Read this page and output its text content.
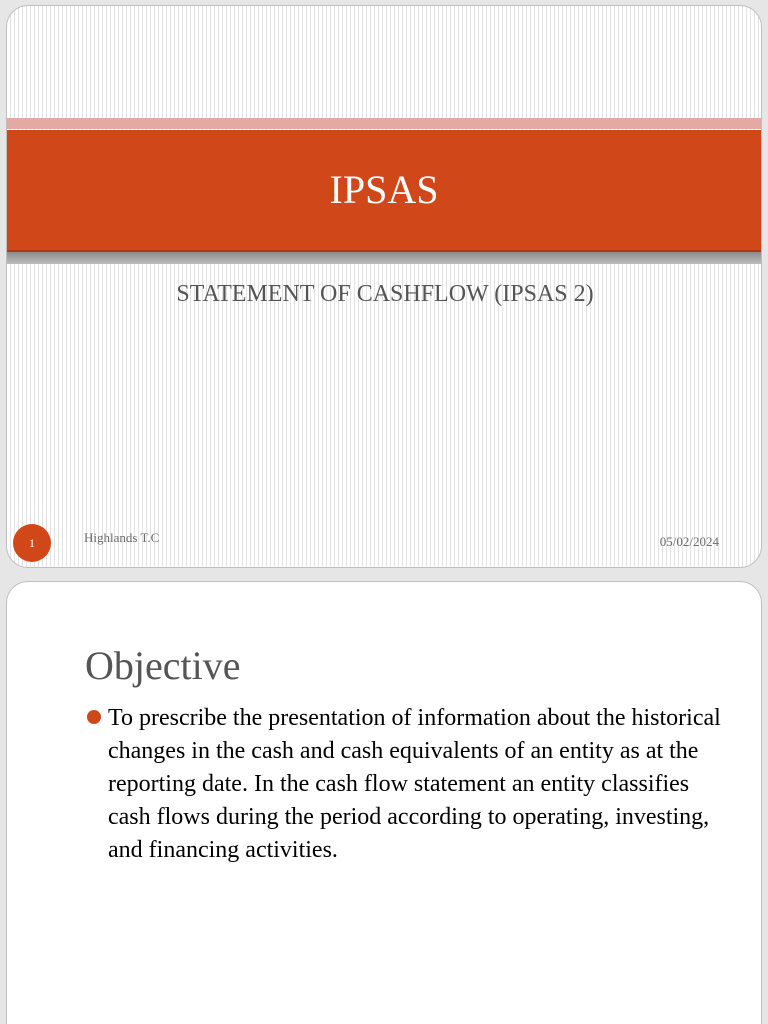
IPSAS
STATEMENT OF CASHFLOW (IPSAS 2)
1	Highlands T.C	05/02/2024
Objective
To prescribe the presentation of information about the historical changes in the cash and cash equivalents of an entity as at the reporting date. In the cash flow statement an entity classifies cash flows during the period according to operating, investing, and financing activities.
